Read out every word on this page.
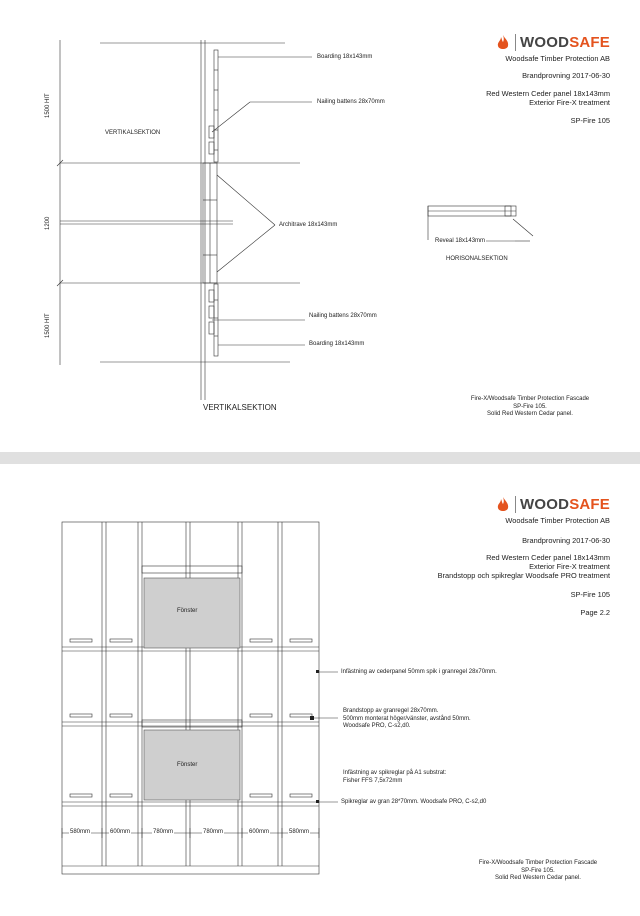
WOOD SAFE
Woodsafe Timber Protection AB
Brandprovning 2017-06-30
Red Western Ceder panel 18x143mm
Exterior Fire-X treatment
SP-Fire 105
1500 HIT
1200
1500 HIT
VERTIKALSEKTION
VERTIKALSEKTION
Boarding 18x143mm
Nailing battens 28x70mm
Architrave 18x143mm
Nailing battens 28x70mm
Boarding 18x143mm
Reveal 18x143mm
HORISONALSEKTION
Fire-X/Woodsafe Timber Protection Fascade
SP-Fire 105.
Solid Red Western Cedar panel.
WOOD SAFE
Woodsafe Timber Protection AB
Brandprovning 2017-06-30
Red Western Ceder panel 18x143mm
Exterior Fire-X treatment
Brandstopp och spikreglar Woodsafe PRO treatment
SP-Fire 105
Page 2.2
Fönster
Fönster
Infästning av cederpanel 50mm spik i granregel 28x70mm.
Brandstopp av granregel 28x70mm.
500mm monterat höger/vänster, avstånd 50mm.
Woodsafe PRO, C-s2,d0.
Infästning av spikreglar på A1 substrat:
Fisher FFS 7,5x72mm
Spikreglar av gran 28*70mm. Woodsafe PRO, C-s2,d0
580mm	600mm	780mm	780mm	600mm	580mm
Fire-X/Woodsafe Timber Protection Fascade
SP-Fire 105.
Solid Red Western Cedar panel.
